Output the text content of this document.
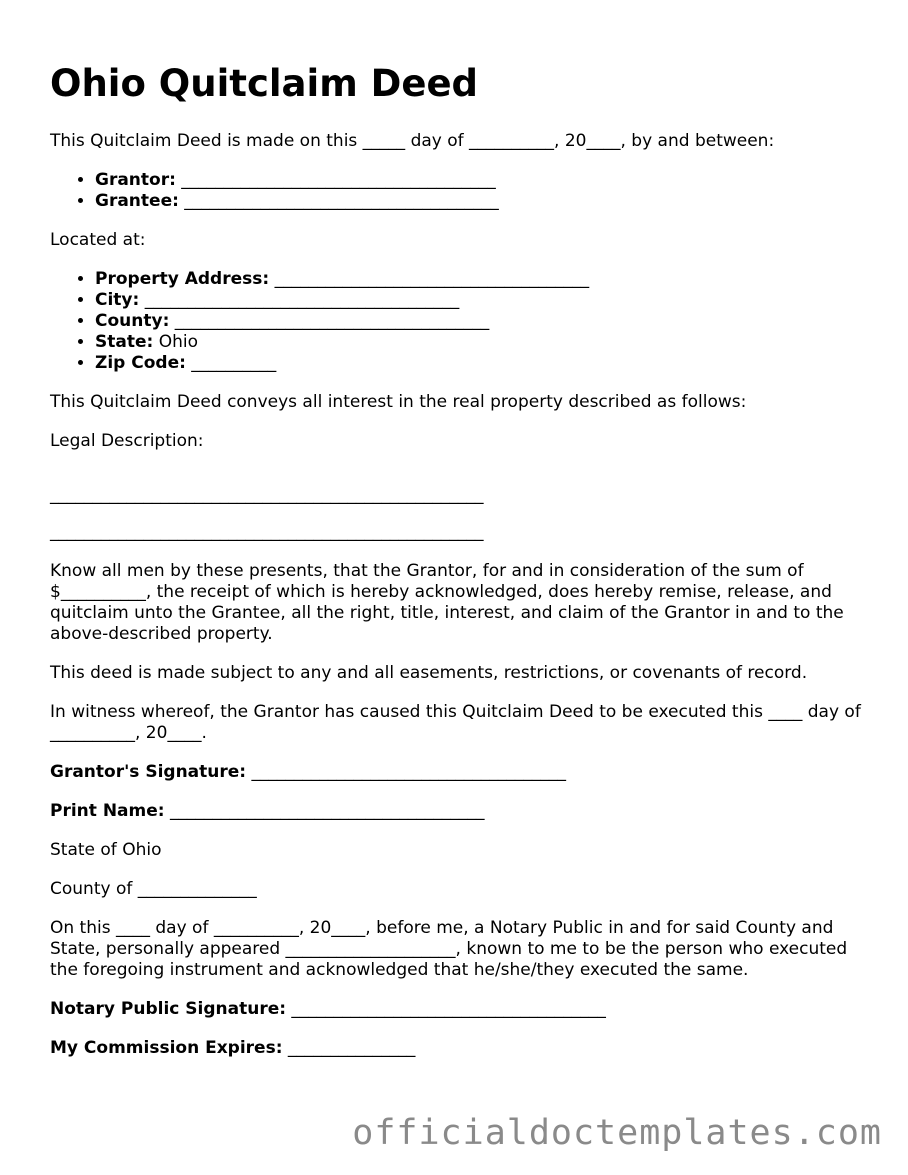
Ohio Quitclaim Deed

This Quitclaim Deed is made on this _____ day of __________, 20____, by and between:

• Grantor: _____________________________________
• Grantee: _____________________________________

Located at:

• Property Address: _____________________________________
• City: _____________________________________
• County: _____________________________________
• State: Ohio
• Zip Code: __________

This Quitclaim Deed conveys all interest in the real property described as follows:

Legal Description:

___________________________________________________
___________________________________________________

Know all men by these presents, that the Grantor, for and in consideration of the sum of $__________, the receipt of which is hereby acknowledged, does hereby remise, release, and quitclaim unto the Grantee, all the right, title, interest, and claim of the Grantor in and to the above-described property.

This deed is made subject to any and all easements, restrictions, or covenants of record.

In witness whereof, the Grantor has caused this Quitclaim Deed to be executed this ____ day of __________, 20____.

Grantor's Signature: _____________________________________

Print Name: _____________________________________

State of Ohio

County of ______________

On this ____ day of __________, 20____, before me, a Notary Public in and for said County and State, personally appeared ____________________, known to me to be the person who executed the foregoing instrument and acknowledged that he/she/they executed the same.

Notary Public Signature: _____________________________________

My Commission Expires: _______________

officialdoctemplates.com
